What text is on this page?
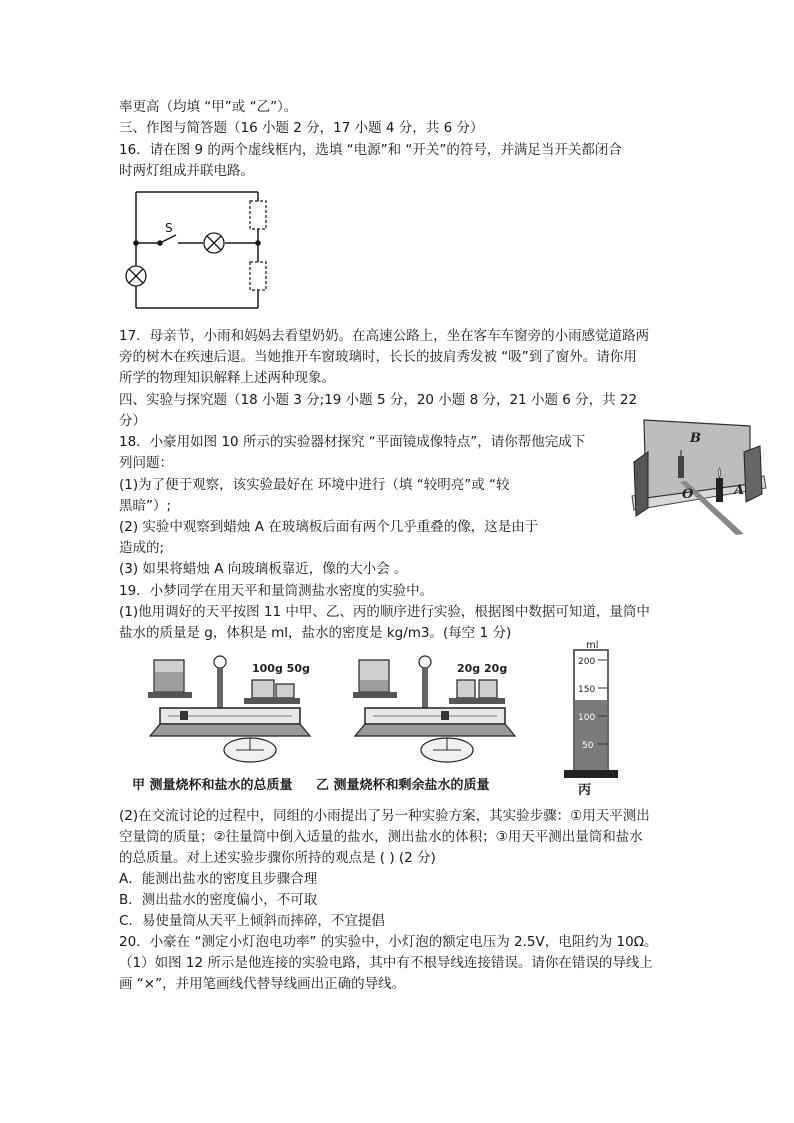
率更高（均填 “甲”或 “乙”）。
三、作图与简答题（16 小题 2 分，17 小题 4 分，共 6 分）
16．请在图 9 的两个虚线框内，选填 “电源”和 “开关”的符号，并满足当开关都闭合
时两灯组成并联电路。
S
17．母亲节，小雨和妈妈去看望奶奶。在高速公路上，坐在客车车窗旁的小雨感觉道路两
旁的树木在疾速后退。当她推开车窗玻璃时，长长的披肩秀发被 “吸”到了窗外。请你用
所学的物理知识解释上述两种现象。
四、实验与探究题（18 小题 3 分;19 小题 5 分，20 小题 8 分，21 小题 6 分，共 22
分）
18．小豪用如图 10 所示的实验器材探究 “平面镜成像特点”，请你帮他完成下
列问题：
(1)为了便于观察，该实验最好在 环境中进行（填 “较明亮”或 “较
黑暗”）;
(2) 实验中观察到蜡烛 A 在玻璃板后面有两个几乎重叠的像，这是由于
造成的;
(3) 如果将蜡烛 A 向玻璃板靠近，像的大小会 。
B
O	A
19．小梦同学在用天平和量筒测盐水密度的实验中。
(1)他用调好的天平按图 11 中甲、乙、丙的顺序进行实验，根据图中数据可知道，量筒中
盐水的质量是 g，体积是 ml，盐水的密度是 kg/m3。(每空 1 分)
100g 50g	20g 20g
ml
200
150
100
50
甲 测量烧杯和盐水的总质量 乙 测量烧杯和剩余盐水的质量	丙
(2)在交流讨论的过程中，同组的小雨提出了另一种实验方案，其实验步骤：①用天平测出
空量筒的质量；②往量筒中倒入适量的盐水，测出盐水的体积；③用天平测出量筒和盐水
的总质量。对上述实验步骤你所持的观点是 ( ) (2 分)
A．能测出盐水的密度且步骤合理
B．测出盐水的密度偏小，不可取
C．易使量筒从天平上倾斜而摔碎，不宜提倡
20．小豪在 “测定小灯泡电功率” 的实验中，小灯泡的额定电压为 2.5V，电阻约为 10Ω。
（1）如图 12 所示是他连接的实验电路，其中有不根导线连接错误。请你在错误的导线上
画 “×”，并用笔画线代替导线画出正确的导线。
